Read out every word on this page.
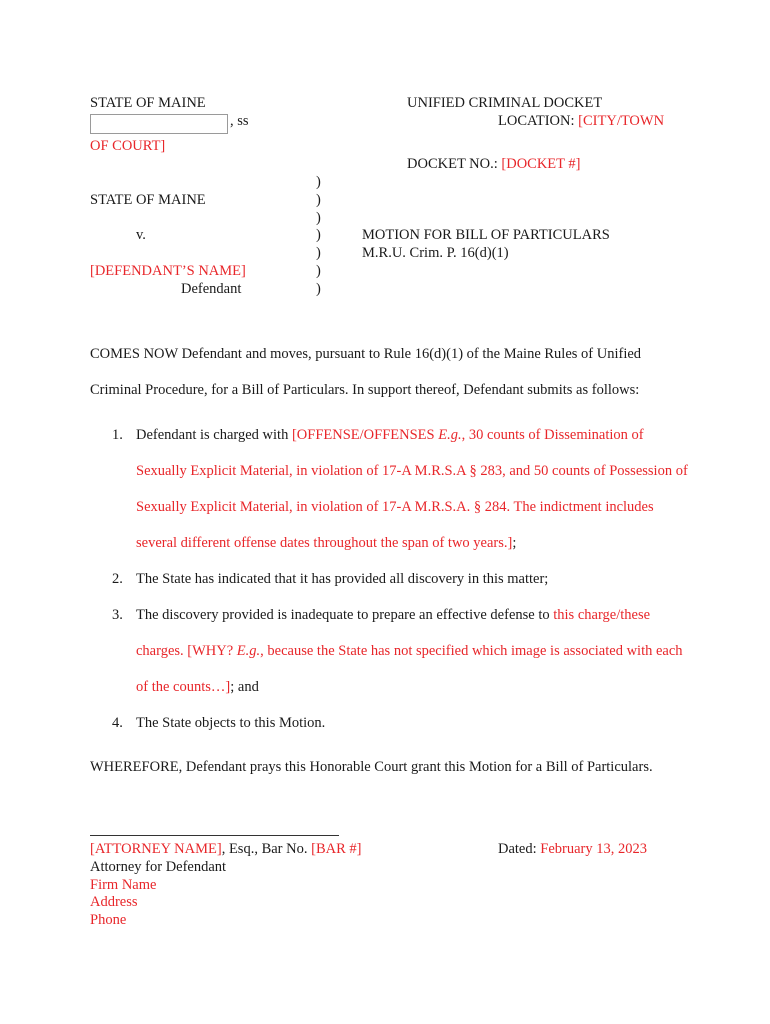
STATE OF MAINE
, ss
UNIFIED CRIMINAL DOCKET
LOCATION: [CITY/TOWN
OF COURT]
DOCKET NO.: [DOCKET #]
STATE OF MAINE
v.
[DEFENDANT’S NAME]
Defendant
)
)
)
)
)
)
)
MOTION FOR BILL OF PARTICULARS
M.R.U. Crim. P. 16(d)(1)
COMES NOW Defendant and moves, pursuant to Rule 16(d)(1) of the Maine Rules of Unified Criminal Procedure, for a Bill of Particulars. In support thereof, Defendant submits as follows:
1. Defendant is charged with [OFFENSE/OFFENSES E.g., 30 counts of Dissemination of Sexually Explicit Material, in violation of 17-A M.R.S.A § 283, and 50 counts of Possession of Sexually Explicit Material, in violation of 17-A M.R.S.A. § 284. The indictment includes several different offense dates throughout the span of two years.];
2. The State has indicated that it has provided all discovery in this matter;
3. The discovery provided is inadequate to prepare an effective defense to this charge/these charges. [WHY? E.g., because the State has not specified which image is associated with each of the counts…]; and
4. The State objects to this Motion.
WHEREFORE, Defendant prays this Honorable Court grant this Motion for a Bill of Particulars.
[ATTORNEY NAME], Esq., Bar No. [BAR #]
Attorney for Defendant
Firm Name
Address
Phone
Dated: February 13, 2023
